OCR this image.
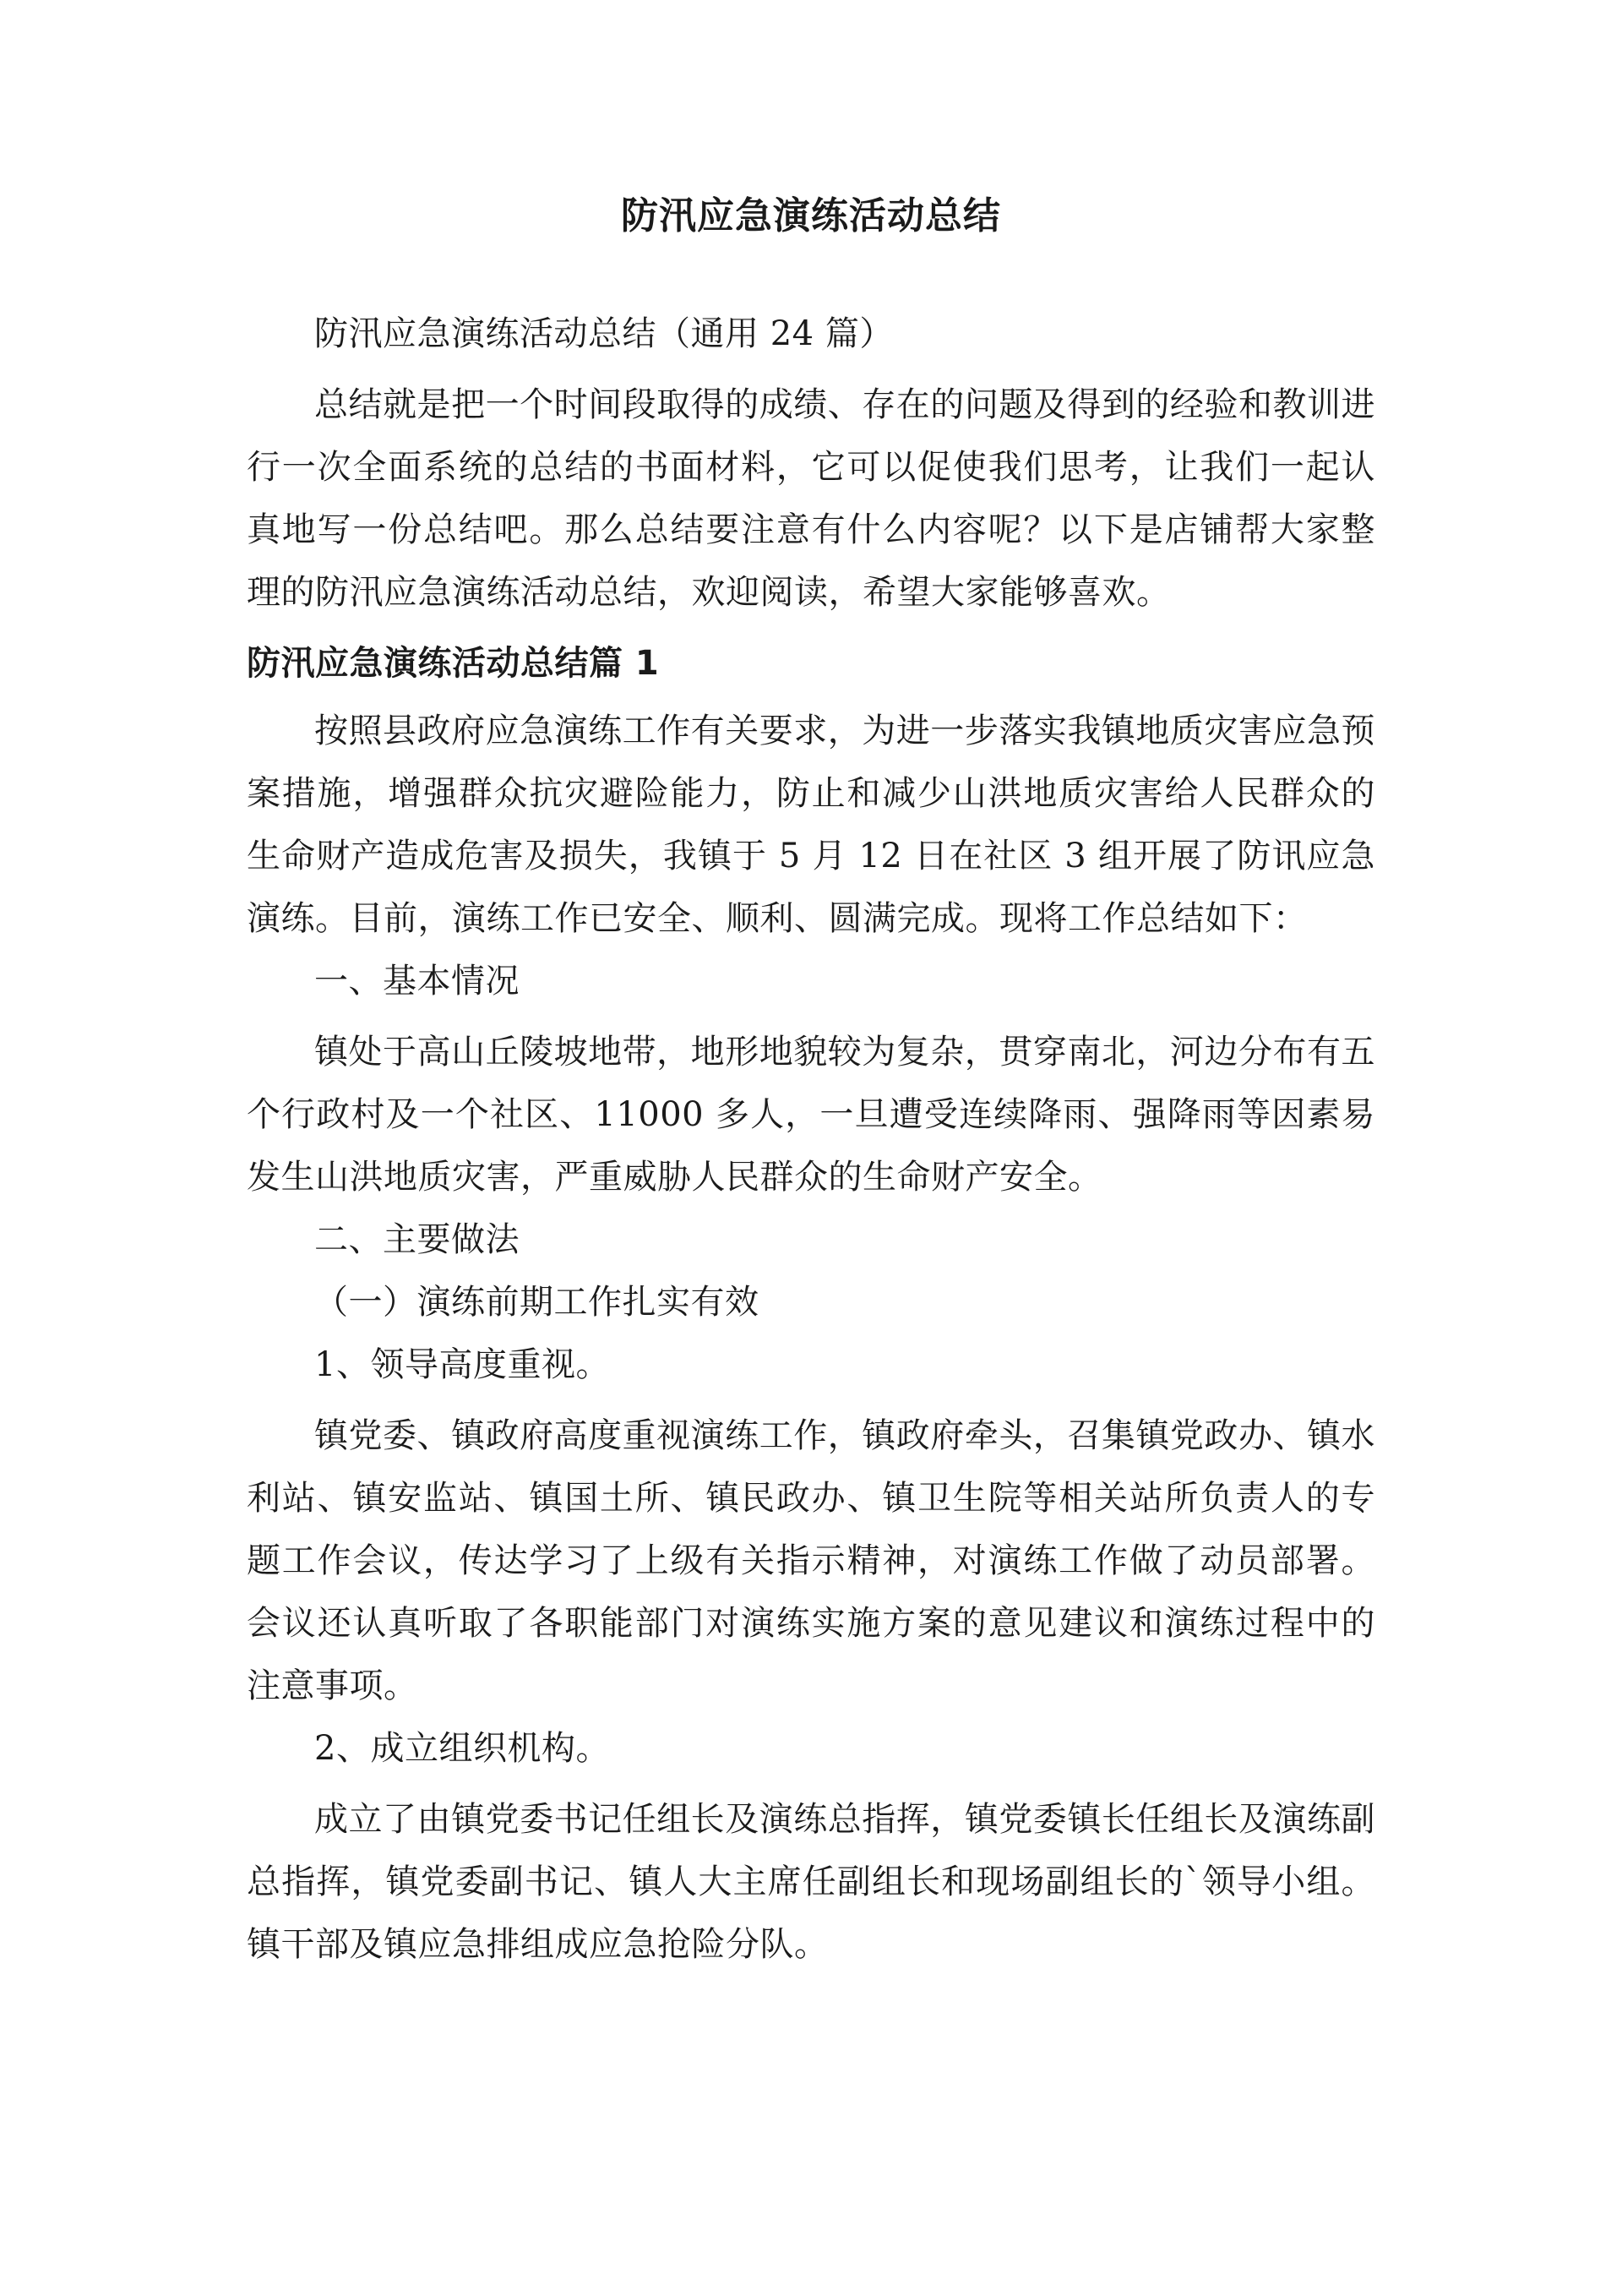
防汛应急演练活动总结

防汛应急演练活动总结（通用 24 篇）

总结就是把一个时间段取得的成绩、存在的问题及得到的经验和教训进行一次全面系统的总结的书面材料，它可以促使我们思考，让我们一起认真地写一份总结吧。那么总结要注意有什么内容呢？以下是店铺帮大家整理的防汛应急演练活动总结，欢迎阅读，希望大家能够喜欢。

防汛应急演练活动总结篇 1

按照县政府应急演练工作有关要求，为进一步落实我镇地质灾害应急预案措施，增强群众抗灾避险能力，防止和减少山洪地质灾害给人民群众的生命财产造成危害及损失，我镇于 5 月 12 日在社区 3 组开展了防讯应急演练。目前，演练工作已安全、顺利、圆满完成。现将工作总结如下：

一、基本情况

镇处于高山丘陵坡地带，地形地貌较为复杂，贯穿南北，河边分布有五个行政村及一个社区、11000 多人，一旦遭受连续降雨、强降雨等因素易发生山洪地质灾害，严重威胁人民群众的生命财产安全。

二、主要做法

（一）演练前期工作扎实有效

1、领导高度重视。

镇党委、镇政府高度重视演练工作，镇政府牵头，召集镇党政办、镇水利站、镇安监站、镇国土所、镇民政办、镇卫生院等相关站所负责人的专题工作会议，传达学习了上级有关指示精神，对演练工作做了动员部署。会议还认真听取了各职能部门对演练实施方案的意见建议和演练过程中的注意事项。

2、成立组织机构。

成立了由镇党委书记任组长及演练总指挥，镇党委镇长任组长及演练副总指挥，镇党委副书记、镇人大主席任副组长和现场副组长的`领导小组。镇干部及镇应急排组成应急抢险分队。
